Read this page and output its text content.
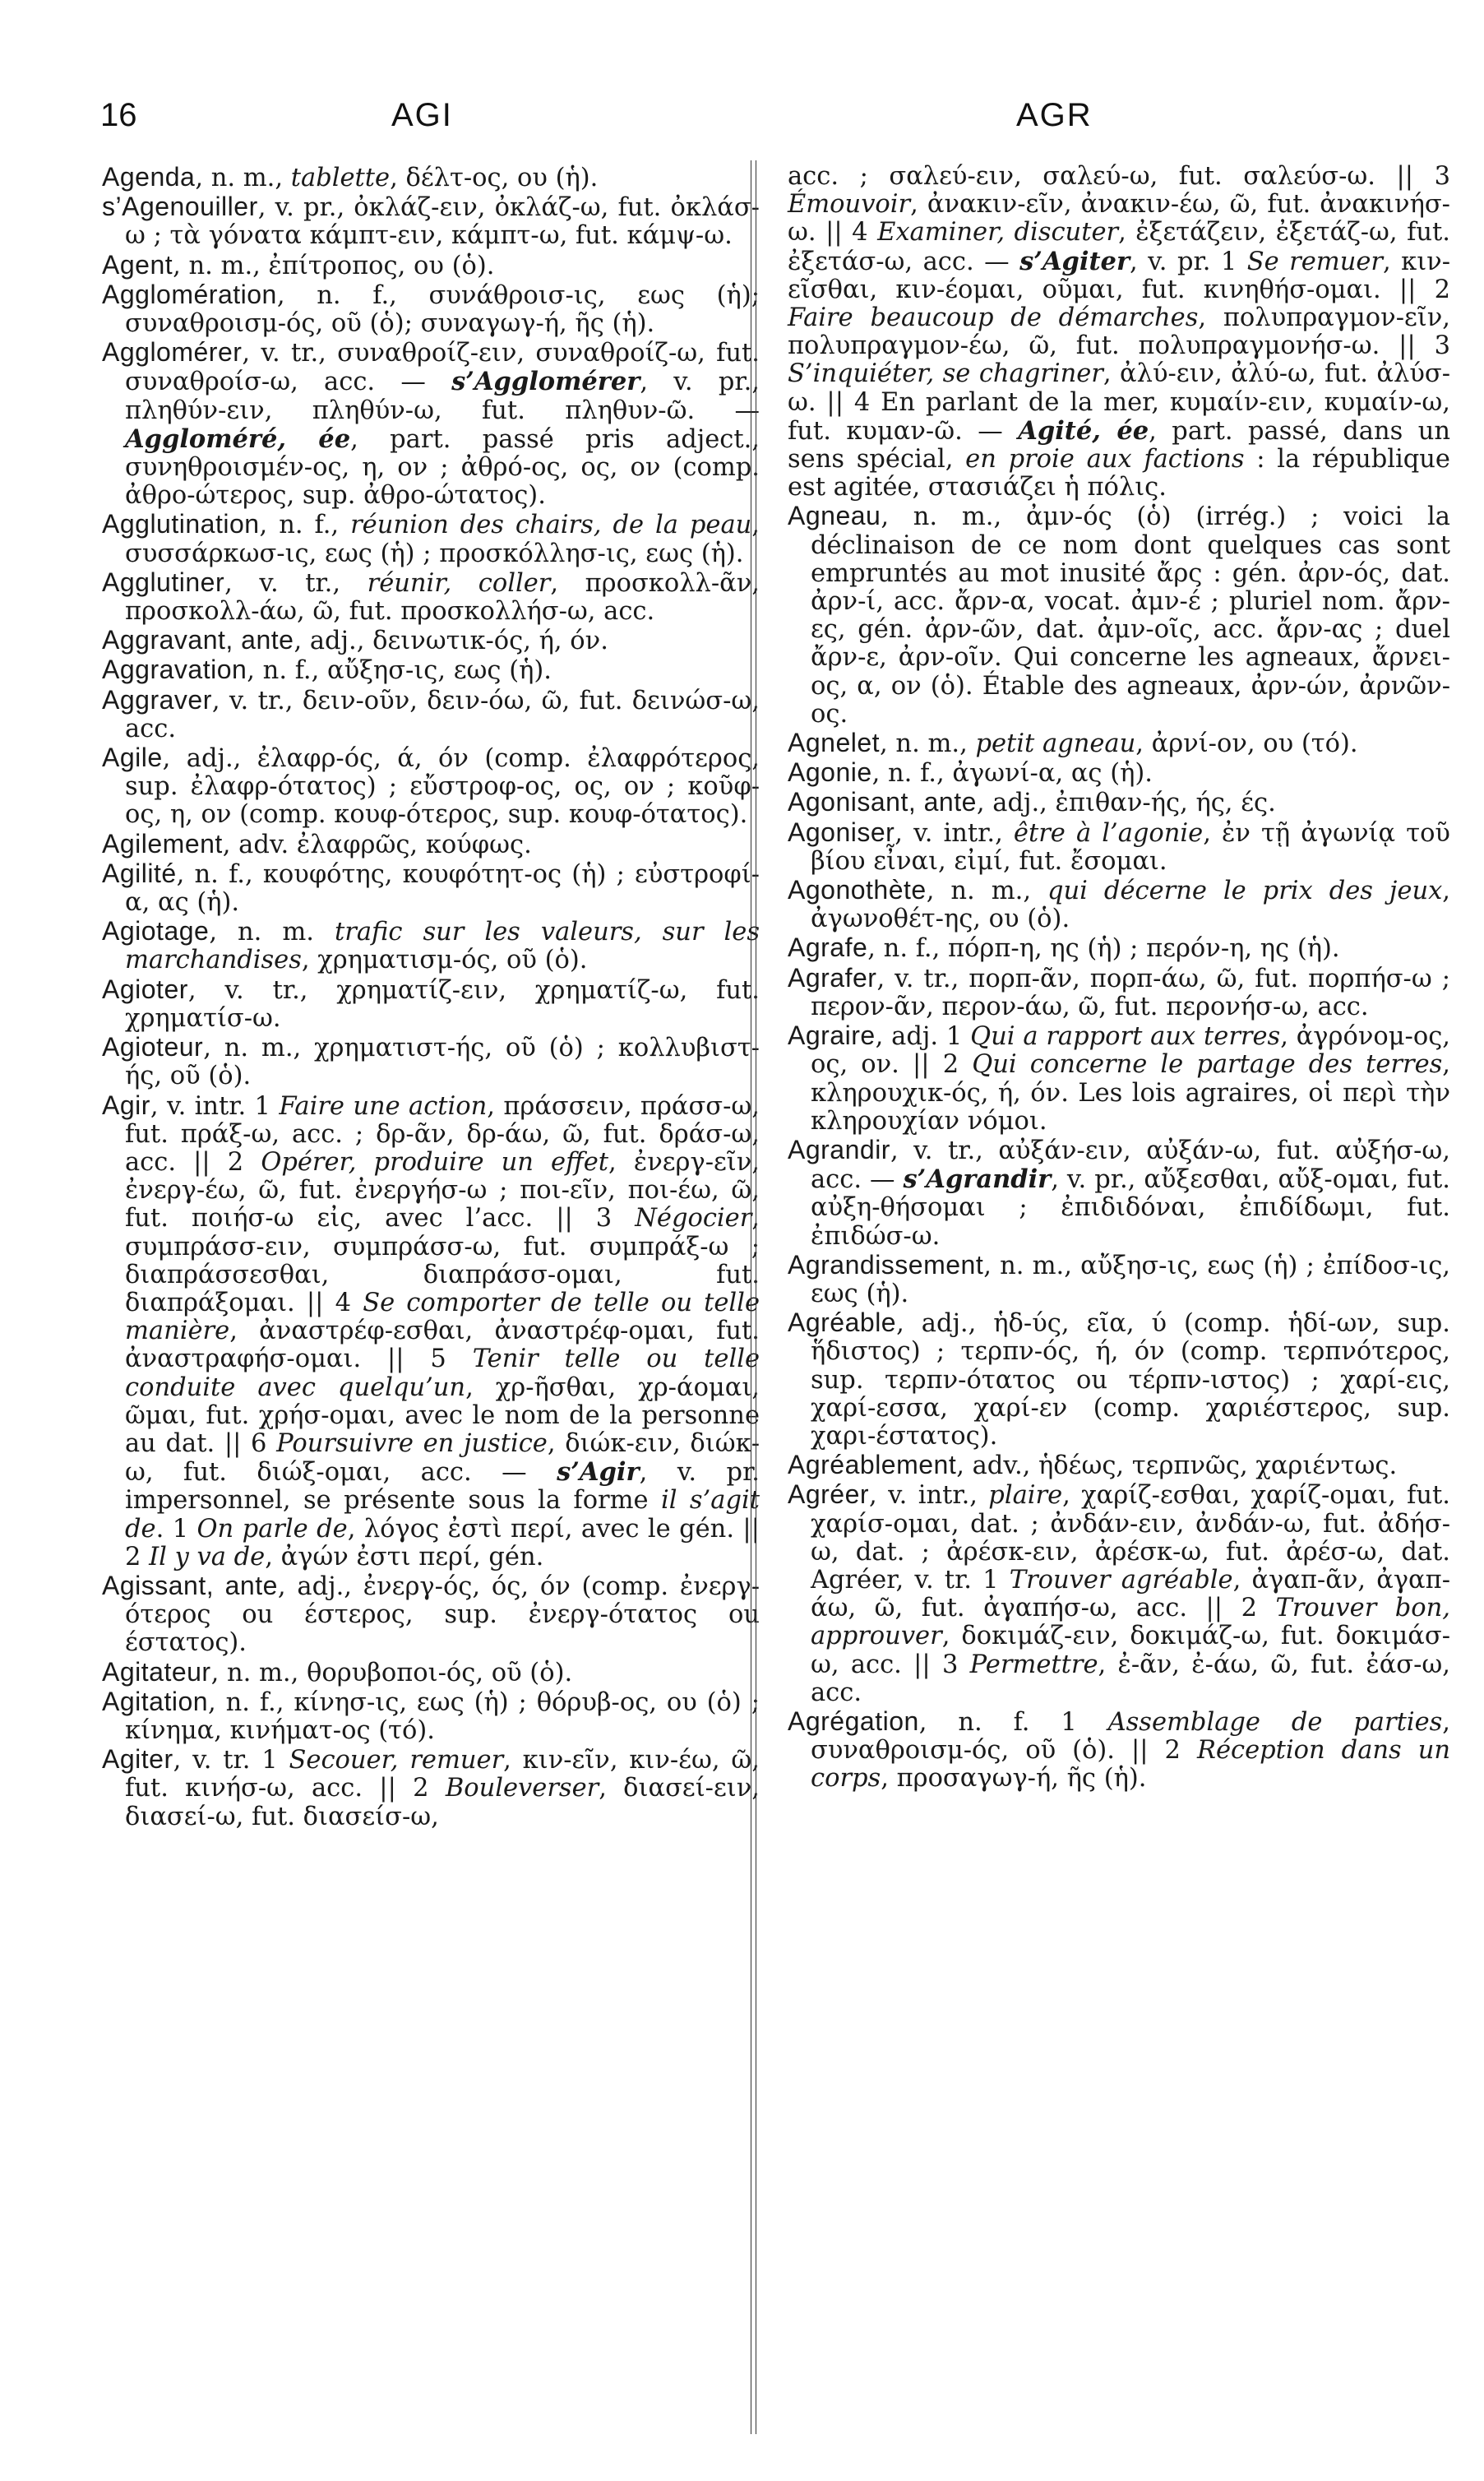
16	AGI	AGR

Agenda, n. m., tablette, δέλτ-ος, ου (ἡ).

s’Agenouiller, v. pr., ὀκλάζ-ειν, ὀκλάζ-ω, fut. ὀκλάσ-ω ; τὰ γόνατα κάμπτ-ειν, κάμπτ-ω, fut. κάμψ-ω.

Agent, n. m., ἐπίτροπος, ου (ὁ).

Agglomération, n. f., συνάθροισ-ις, εως (ἡ); συναθροισμ-ός, οῦ (ὁ); συναγωγ-ή, ῆς (ἡ).

Agglomérer, v. tr., συναθροίζ-ειν, συναθροίζ-ω, fut. συναθροίσ-ω, acc. — s’Agglomérer, v. pr., πληθύν-ειν, πληθύν-ω, fut. πληθυν-ῶ. — Aggloméré, ée, part. passé pris adject., συνηθροισμέν-ος, η, ον ; ἀθρό-ος, ος, ον (comp. ἀθρο-ώτερος, sup. ἀθρο-ώτατος).

Agglutination, n. f., réunion des chairs, de la peau, συσσάρκωσ-ις, εως (ἡ) ; προσκόλλησ-ις, εως (ἡ).

Agglutiner, v. tr., réunir, coller, προσκολλ-ᾶν, προσκολλ-άω, ῶ, fut. προσκολλήσ-ω, acc.

Aggravant, ante, adj., δεινωτικ-ός, ή, όν.

Aggravation, n. f., αὔξησ-ις, εως (ἡ).

Aggraver, v. tr., δειν-οῦν, δειν-όω, ῶ, fut. δεινώσ-ω, acc.

Agile, adj., ἐλαφρ-ός, ά, όν (comp. ἐλαφρότερος, sup. ἐλαφρ-ότατος) ; εὔστροφ-ος, ος, ον ; κοῦφ-ος, η, ον (comp. κουφ-ότερος, sup. κουφ-ότατος).

Agilement, adv. ἐλαφρῶς, κούφως.

Agilité, n. f., κουφότης, κουφότητ-ος (ἡ) ; εὐστροφί-α, ας (ἡ).

Agiotage, n. m. trafic sur les valeurs, sur les marchandises, χρηματισμ-ός, οῦ (ὁ).

Agioter, v. tr., χρηματίζ-ειν, χρηματίζ-ω, fut. χρηματίσ-ω.

Agioteur, n. m., χρηματιστ-ής, οῦ (ὁ) ; κολλυβιστ-ής, οῦ (ὁ).

Agir, v. intr. 1 Faire une action, πράσσειν, πράσσ-ω, fut. πράξ-ω, acc. ; δρ-ᾶν, δρ-άω, ῶ, fut. δράσ-ω, acc. || 2 Opérer, produire un effet, ἐνεργ-εῖν, ἐνεργ-έω, ῶ, fut. ἐνεργήσ-ω ; ποι-εῖν, ποι-έω, ῶ, fut. ποιήσ-ω εἰς, avec l’acc. || 3 Négocier, συμπράσσ-ειν, συμπράσσ-ω, fut. συμπράξ-ω ; διαπράσσεσθαι, διαπράσσ-ομαι, fut. διαπράξομαι. || 4 Se comporter de telle ou telle manière, ἀναστρέφ-εσθαι, ἀναστρέφ-ομαι, fut. ἀναστραφήσ-ομαι. || 5 Tenir telle ou telle conduite avec quelqu’un, χρ-ῆσθαι, χρ-άομαι, ῶμαι, fut. χρήσ-ομαι, avec le nom de la personne au dat. || 6 Poursuivre en justice, διώκ-ειν, διώκ-ω, fut. διώξ-ομαι, acc. — s’Agir, v. pr. impersonnel, se présente sous la forme il s’agit de. 1 On parle de, λόγος ἐστὶ περί, avec le gén. || 2 Il y va de, ἀγών ἐστι περί, gén.

Agissant, ante, adj., ἐνεργ-ός, ός, όν (comp. ἐνεργ-ότερος ou έστερος, sup. ἐνεργ-ότατος ou έστατος).

Agitateur, n. m., θορυβοποι-ός, οῦ (ὁ).

Agitation, n. f., κίνησ-ις, εως (ἡ) ; θόρυβ-ος, ου (ὁ) ; κίνημα, κινήματ-ος (τό).

Agiter, v. tr. 1 Secouer, remuer, κιν-εῖν, κιν-έω, ῶ, fut. κινήσ-ω, acc. || 2 Bouleverser, διασεί-ειν, διασεί-ω, fut. διασείσ-ω,

acc. ; σαλεύ-ειν, σαλεύ-ω, fut. σαλεύσ-ω. || 3 Émouvoir, ἀνακιν-εῖν, ἀνακιν-έω, ῶ, fut. ἀνακινήσ-ω. || 4 Examiner, discuter, ἐξετάζειν, ἐξετάζ-ω, fut. ἐξετάσ-ω, acc. — s’Agiter, v. pr. 1 Se remuer, κιν-εῖσθαι, κιν-έομαι, οῦμαι, fut. κινηθήσ-ομαι. || 2 Faire beaucoup de démarches, πολυπραγμον-εῖν, πολυπραγμον-έω, ῶ, fut. πολυπραγμονήσ-ω. || 3 S’inquiéter, se chagriner, ἀλύ-ειν, ἀλύ-ω, fut. ἀλύσ-ω. || 4 En parlant de la mer, κυμαίν-ειν, κυμαίν-ω, fut. κυμαν-ῶ. — Agité, ée, part. passé, dans un sens spécial, en proie aux factions : la république est agitée, στασιάζει ἡ πόλις.

Agneau, n. m., ἀμν-ός (ὁ) (irrég.) ; voici la déclinaison de ce nom dont quelques cas sont empruntés au mot inusité ἄρς : gén. ἀρν-ός, dat. ἀρν-ί, acc. ἄρν-α, vocat. ἀμν-έ ; pluriel nom. ἄρν-ες, gén. ἀρν-ῶν, dat. ἀμν-οῖς, acc. ἄρν-ας ; duel ἄρν-ε, ἀρν-οῖν. Qui concerne les agneaux, ἄρνει-ος, α, ον (ὁ). Étable des agneaux, ἀρν-ών, ἀρνῶν-ος.

Agnelet, n. m., petit agneau, ἀρνί-ον, ου (τό).

Agonie, n. f., ἀγωνί-α, ας (ἡ).

Agonisant, ante, adj., ἐπιθαν-ής, ής, ές.

Agoniser, v. intr., être à l’agonie, ἐν τῇ ἀγωνίᾳ τοῦ βίου εἶναι, εἰμί, fut. ἔσομαι.

Agonothète, n. m., qui décerne le prix des jeux, ἀγωνοθέτ-ης, ου (ὁ).

Agrafe, n. f., πόρπ-η, ης (ἡ) ; περόν-η, ης (ἡ).

Agrafer, v. tr., πορπ-ᾶν, πορπ-άω, ῶ, fut. πορπήσ-ω ; περον-ᾶν, περον-άω, ῶ, fut. περονήσ-ω, acc.

Agraire, adj. 1 Qui a rapport aux terres, ἀγρόνομ-ος, ος, ον. || 2 Qui concerne le partage des terres, κληρουχικ-ός, ή, όν. Les lois agraires, οἱ περὶ τὴν κληρουχίαν νόμοι.

Agrandir, v. tr., αὐξάν-ειν, αὐξάν-ω, fut. αὐξήσ-ω, acc. — s’Agrandir, v. pr., αὔξεσθαι, αὔξ-ομαι, fut. αὐξη-θήσομαι ; ἐπιδιδόναι, ἐπιδίδωμι, fut. ἐπιδώσ-ω.

Agrandissement, n. m., αὔξησ-ις, εως (ἡ) ; ἐπίδοσ-ις, εως (ἡ).

Agréable, adj., ἡδ-ύς, εῖα, ύ (comp. ἡδί-ων, sup. ἥδιστος) ; τερπν-ός, ή, όν (comp. τερπνότερος, sup. τερπν-ότατος ou τέρπν-ιστος) ; χαρί-εις, χαρί-εσσα, χαρί-εν (comp. χαριέστερος, sup. χαρι-έστατος).

Agréablement, adv., ἡδέως, τερπνῶς, χαριέντως.

Agréer, v. intr., plaire, χαρίζ-εσθαι, χαρίζ-ομαι, fut. χαρίσ-ομαι, dat. ; ἀνδάν-ειν, ἀνδάν-ω, fut. ἀδήσ-ω, dat. ; ἀρέσκ-ειν, ἀρέσκ-ω, fut. ἀρέσ-ω, dat. Agréer, v. tr. 1 Trouver agréable, ἀγαπ-ᾶν, ἀγαπ-άω, ῶ, fut. ἀγαπήσ-ω, acc. || 2 Trouver bon, approuver, δοκιμάζ-ειν, δοκιμάζ-ω, fut. δοκιμάσ-ω, acc. || 3 Permettre, ἐ-ᾶν, ἐ-άω, ῶ, fut. ἐάσ-ω, acc.

Agrégation, n. f. 1 Assemblage de parties, συναθροισμ-ός, οῦ (ὁ). || 2 Réception dans un corps, προσαγωγ-ή, ῆς (ἡ).
